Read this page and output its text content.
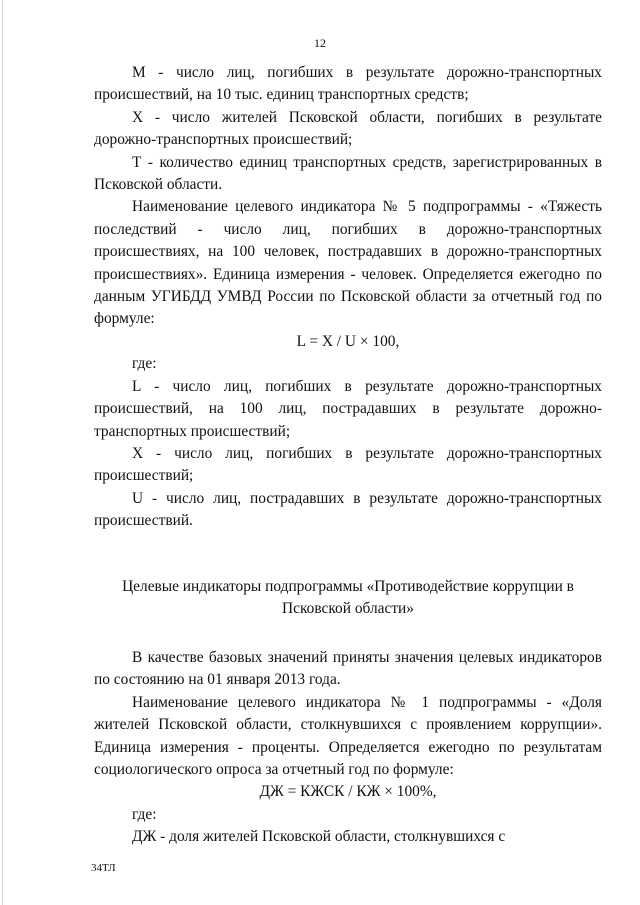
12

М - число лиц, погибших в результате дорожно-транспортных происшествий, на 10 тыс. единиц транспортных средств;

Х - число жителей Псковской области, погибших в результате дорожно-транспортных происшествий;

Т - количество единиц транспортных средств, зарегистрированных в Псковской области.

Наименование целевого индикатора № 5 подпрограммы - «Тяжесть последствий - число лиц, погибших в дорожно-транспортных происшествиях, на 100 человек, пострадавших в дорожно-транспортных происшествиях». Единица измерения - человек. Определяется ежегодно по данным УГИБДД УМВД России по Псковской области за отчетный год по формуле:

L = X / U × 100,

где:

L - число лиц, погибших в результате дорожно-транспортных происшествий, на 100 лиц, пострадавших в результате дорожно-транспортных происшествий;

X - число лиц, погибших в результате дорожно-транспортных происшествий;

U - число лиц, пострадавших в результате дорожно-транспортных происшествий.

Целевые индикаторы подпрограммы «Противодействие коррупции в Псковской области»

В качестве базовых значений приняты значения целевых индикаторов по состоянию на 01 января 2013 года.

Наименование целевого индикатора № 1 подпрограммы - «Доля жителей Псковской области, столкнувшихся с проявлением коррупции». Единица измерения - проценты. Определяется ежегодно по результатам социологического опроса за отчетный год по формуле:

ДЖ = КЖСК / КЖ × 100%,

где:

ДЖ - доля жителей Псковской области, столкнувшихся с

34ТЛ
